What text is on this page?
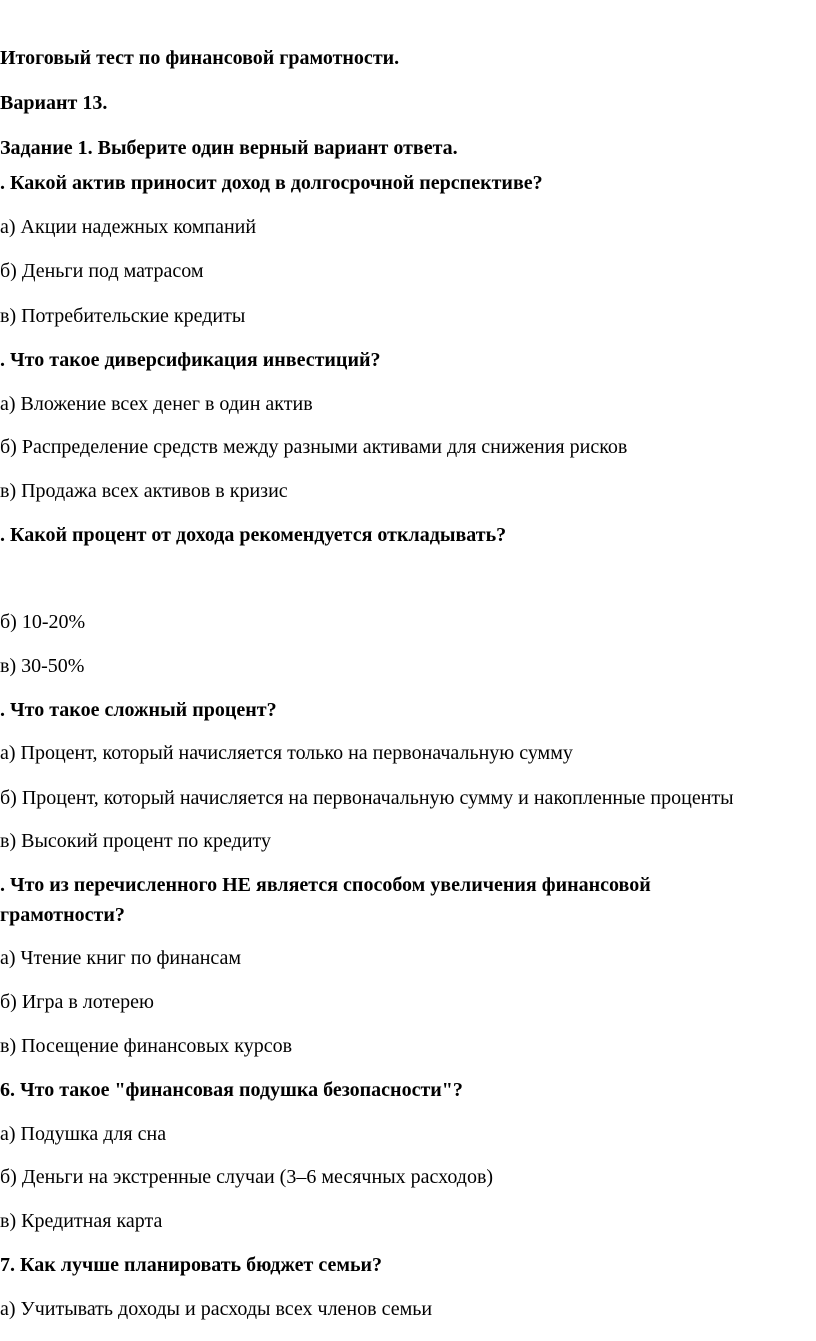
Итоговый тест по финансовой грамотности.

Вариант 13.

Задание 1. Выберите один верный вариант ответа.

. Какой актив приносит доход в долгосрочной перспективе?

а) Акции надежных компаний

б) Деньги под матрасом

в) Потребительские кредиты

. Что такое диверсификация инвестиций?

а) Вложение всех денег в один актив

б) Распределение средств между разными активами для снижения рисков

в) Продажа всех активов в кризис

. Какой процент от дохода рекомендуется откладывать?

б) 10-20%

в) 30-50%

. Что такое сложный процент?

а) Процент, который начисляется только на первоначальную сумму

б) Процент, который начисляется на первоначальную сумму и накопленные проценты

в) Высокий процент по кредиту

. Что из перечисленного НЕ является способом увеличения финансовой грамотности?

а) Чтение книг по финансам

б) Игра в лотерею

в) Посещение финансовых курсов

6. Что такое "финансовая подушка безопасности"?

а) Подушка для сна

б) Деньги на экстренные случаи (3–6 месячных расходов)

в) Кредитная карта

7. Как лучше планировать бюджет семьи?

а) Учитывать доходы и расходы всех членов семьи
